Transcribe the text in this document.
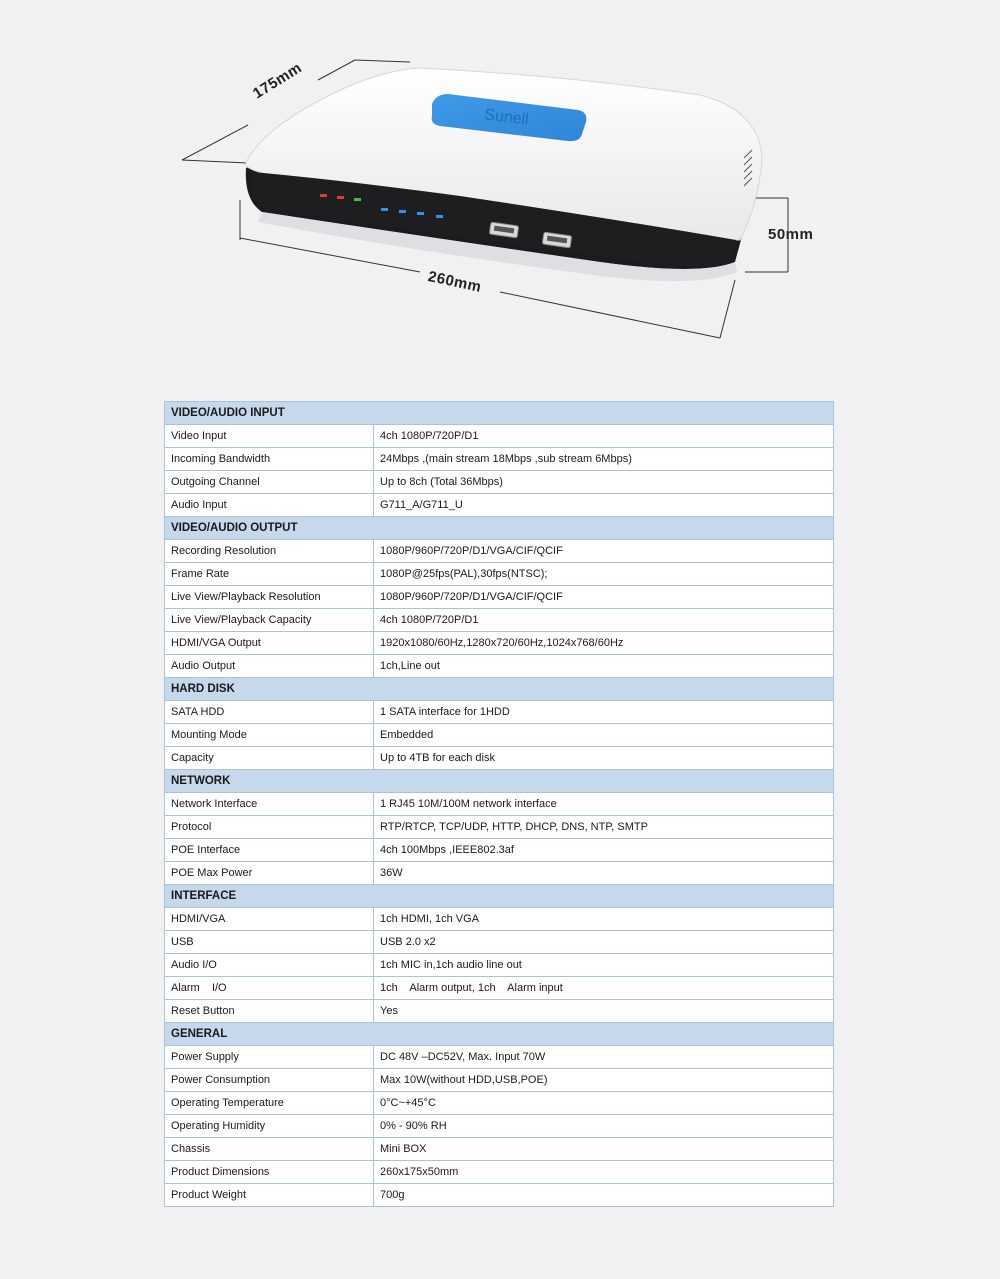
Sunell
175mm
260mm
50mm
VIDEO/AUDIO INPUT	
Video Input	4ch 1080P/720P/D1
Incoming Bandwidth	24Mbps ,(main stream 18Mbps ,sub stream 6Mbps)
Outgoing Channel	Up to 8ch (Total 36Mbps)
Audio Input	G711_A/G711_U
VIDEO/AUDIO OUTPUT	
Recording Resolution	1080P/960P/720P/D1/VGA/CIF/QCIF
Frame Rate	1080P@25fps(PAL),30fps(NTSC);
Live View/Playback Resolution	1080P/960P/720P/D1/VGA/CIF/QCIF
Live View/Playback Capacity	4ch 1080P/720P/D1
HDMI/VGA Output	1920x1080/60Hz,1280x720/60Hz,1024x768/60Hz
Audio Output	1ch,Line out
HARD DISK	
SATA HDD	1 SATA interface for 1HDD
Mounting Mode	Embedded
Capacity	Up to 4TB for each disk
NETWORK	
Network Interface	1 RJ45 10M/100M network interface
Protocol	RTP/RTCP, TCP/UDP, HTTP, DHCP, DNS, NTP, SMTP
POE Interface	4ch 100Mbps ,IEEE802.3af
POE Max Power	36W
INTERFACE	
HDMI/VGA	1ch HDMI, 1ch VGA
USB	USB 2.0 x2
Audio I/O	1ch MIC in,1ch audio line out
Alarm    I/O	1ch    Alarm output, 1ch    Alarm input
Reset Button	Yes
GENERAL	
Power Supply	DC 48V –DC52V, Max. Input 70W
Power Consumption	Max 10W(without HDD,USB,POE)
Operating Temperature	0°C~+45°C
Operating Humidity	0% - 90% RH
Chassis	Mini BOX
Product Dimensions	260x175x50mm
Product Weight	700g
